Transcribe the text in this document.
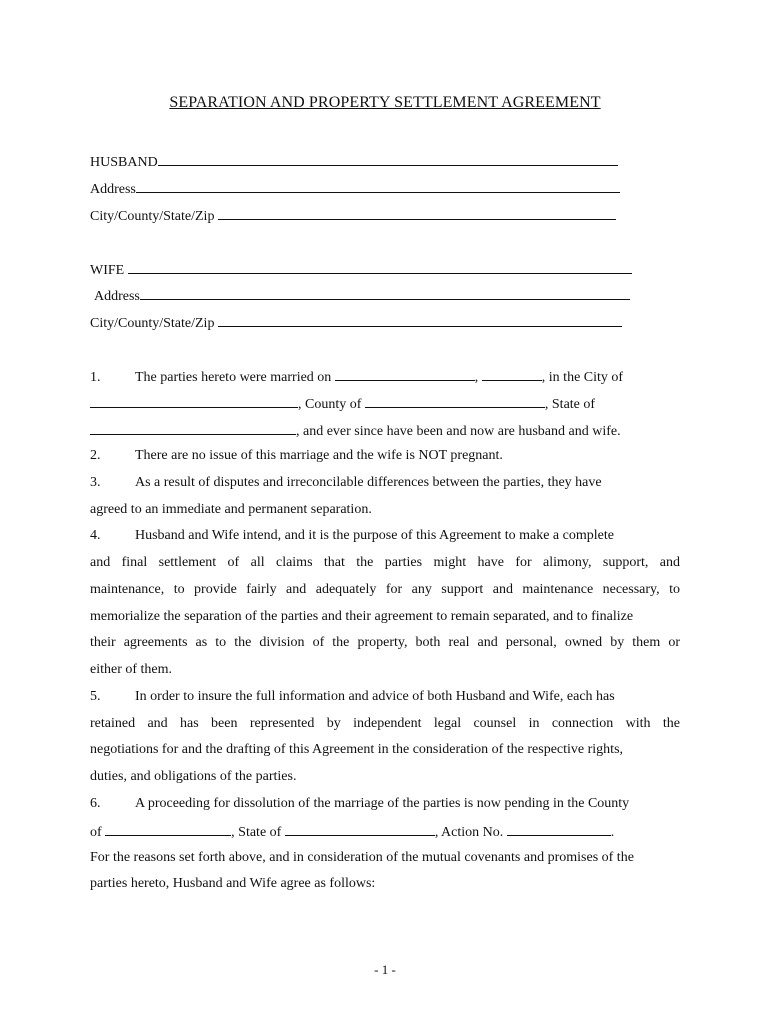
SEPARATION AND PROPERTY SETTLEMENT AGREEMENT
HUSBAND
Address
City/County/State/Zip
WIFE
Address
City/County/State/Zip
1. The parties hereto were married on	,	, in the City of
, County of	, State of
, and ever since have been and now are husband and wife.
2. There are no issue of this marriage and the wife is NOT pregnant.
3. As a result of disputes and irreconcilable differences between the parties, they have
agreed to an immediate and permanent separation.
4. Husband and Wife intend, and it is the purpose of this Agreement to make a complete
and final settlement of all claims that the parties might have for alimony, support, and
maintenance, to provide fairly and adequately for any support and maintenance necessary, to
memorialize the separation of the parties and their agreement to remain separated, and to finalize
their agreements as to the division of the property, both real and personal, owned by them or
either of them.
5. In order to insure the full information and advice of both Husband and Wife, each has
retained and has been represented by independent legal counsel in connection with the
negotiations for and the drafting of this Agreement in the consideration of the respective rights,
duties, and obligations of the parties.
6. A proceeding for dissolution of the marriage of the parties is now pending in the County
of	, State of	, Action No.	.
For the reasons set forth above, and in consideration of the mutual covenants and promises of the
parties hereto, Husband and Wife agree as follows:
- 1 -
